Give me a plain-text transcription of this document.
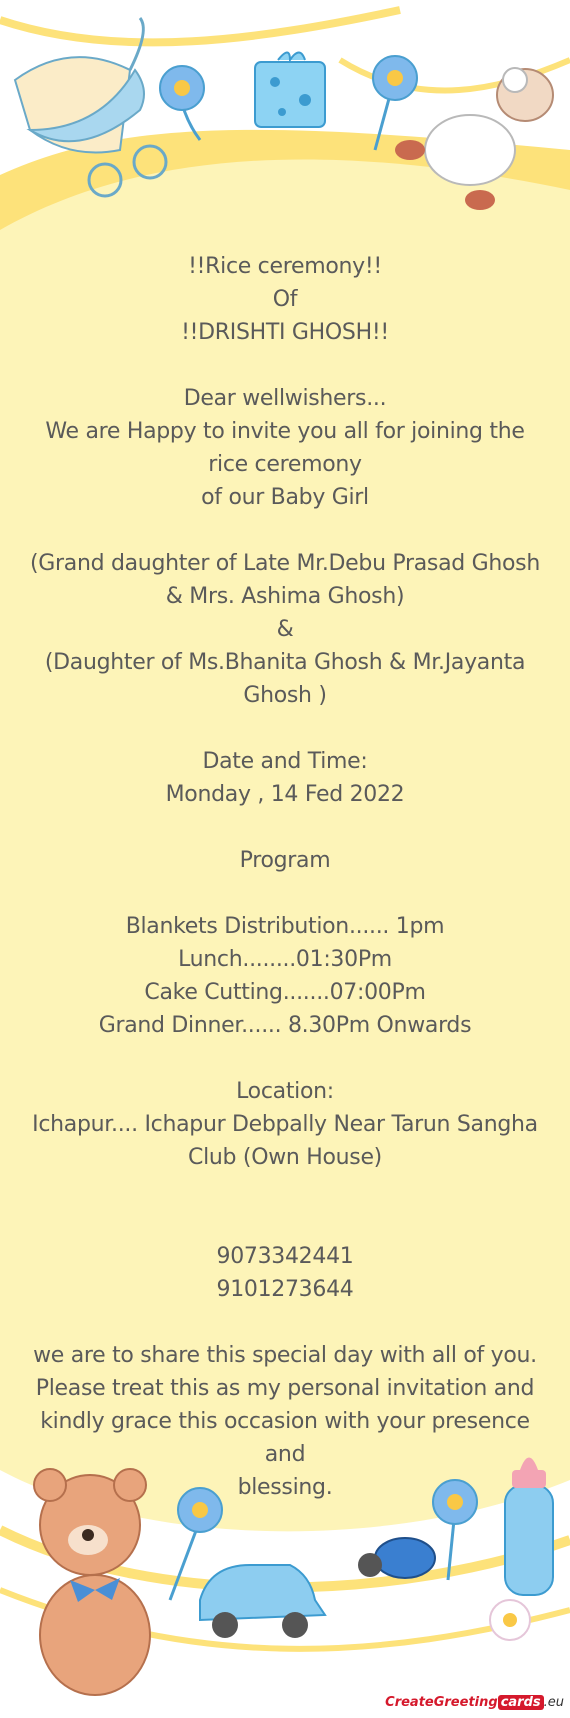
!!Rice ceremony!!

Of

!!DRISHTI GHOSH!!

Dear wellwishers...

We are Happy to invite you all for joining the

rice ceremony

of our Baby Girl

(Grand daughter of Late Mr.Debu Prasad Ghosh

& Mrs. Ashima Ghosh)

&

(Daughter of Ms.Bhanita Ghosh & Mr.Jayanta

Ghosh )

Date and Time:

Monday , 14 Fed 2022

Program

Blankets Distribution...... 1pm

Lunch........01:30Pm

Cake Cutting.......07:00Pm

Grand Dinner...... 8.30Pm Onwards

Location:

Ichapur.... Ichapur Debpally Near Tarun Sangha

Club (Own House)

9073342441

9101273644

we are to share this special day with all of you.

Please treat this as my personal invitation and

kindly grace this occasion with your presence and

blessing.

CreateGreeting cards .eu
